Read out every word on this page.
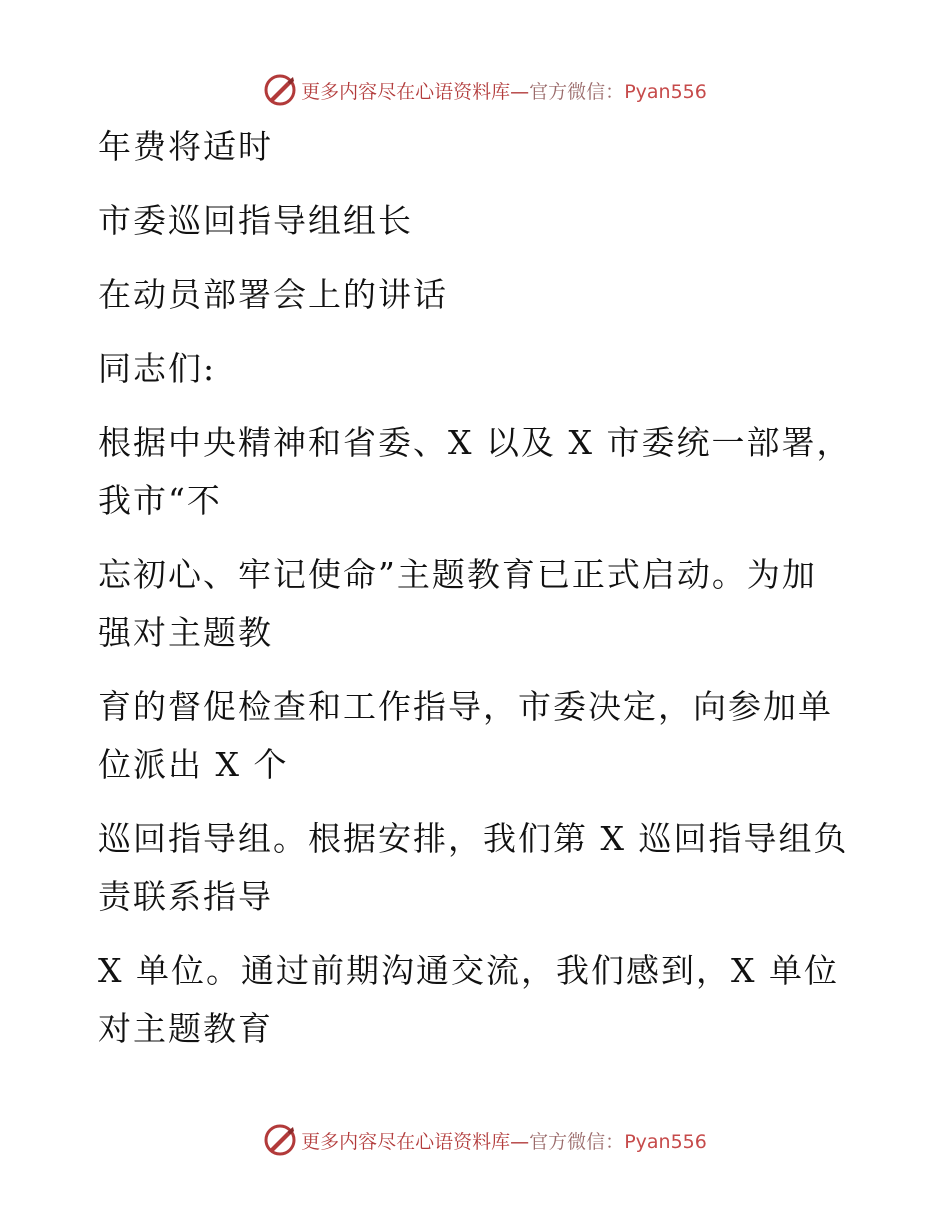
更多内容尽在心语资料库—官方微信：Pyan556
年费将适时
市委巡回指导组组长
在动员部署会上的讲话
同志们:
根据中央精神和省委、X 以及 X 市委统一部署，
我市“不
忘初心、牢记使命”主题教育已正式启动。为加
强对主题教
育的督促检查和工作指导，市委决定，向参加单
位派出 X 个
巡回指导组。根据安排，我们第 X 巡回指导组负
责联系指导
X 单位。通过前期沟通交流，我们感到，X 单位
对主题教育
更多内容尽在心语资料库—官方微信：Pyan556
